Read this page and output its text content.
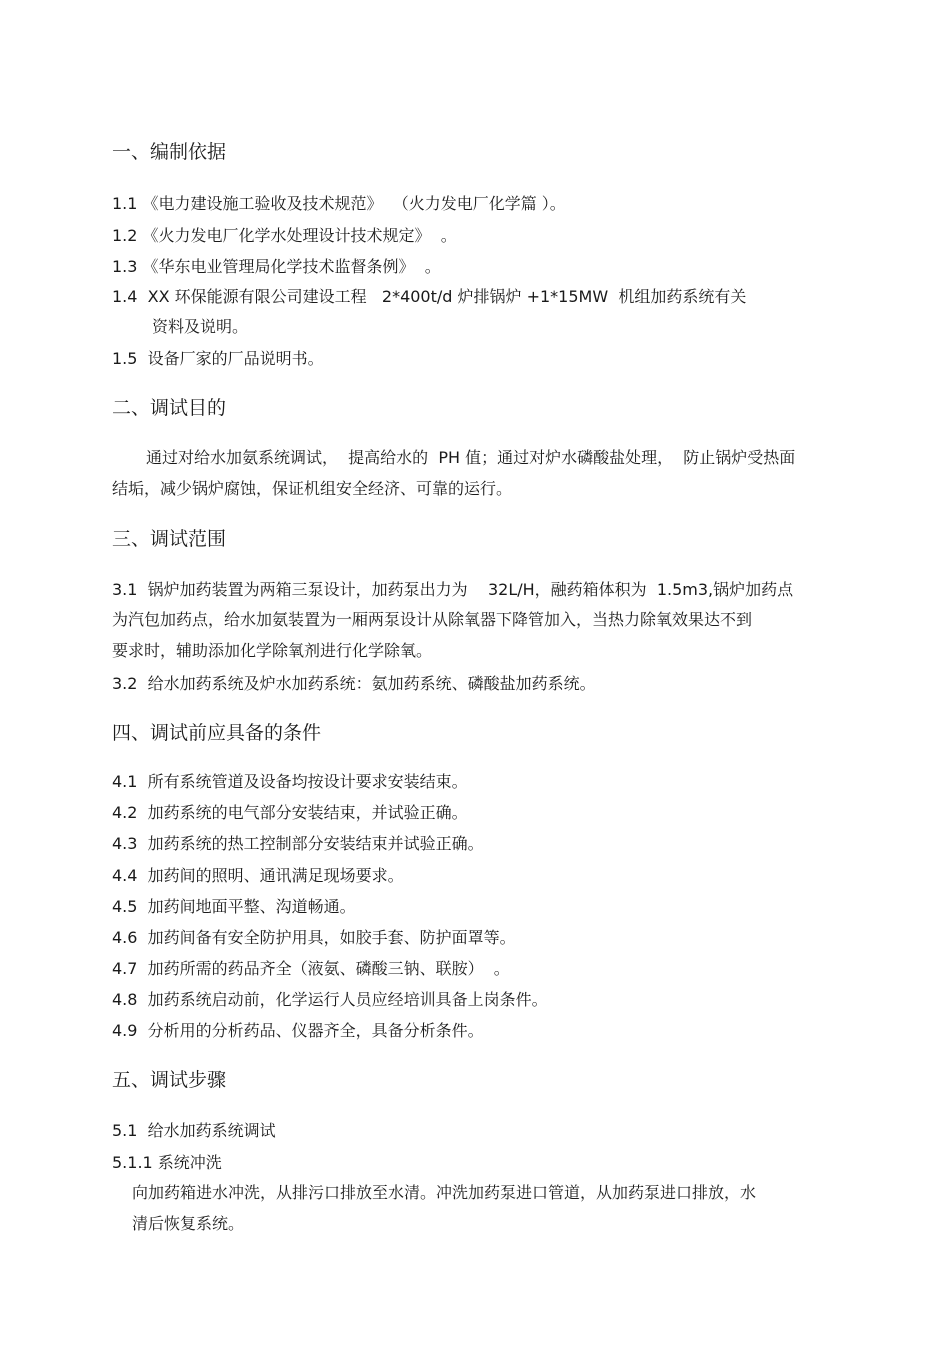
一、编制依据
1.1 《电力建设施工验收及技术规范》  （火力发电厂化学篇 ）。
1.2 《火力发电厂化学水处理设计技术规定》  。
1.3 《华东电业管理局化学技术监督条例》  。
1.4  XX 环保能源有限公司建设工程   2*400t/d 炉排锅炉 +1*15MW  机组加药系统有关
资料及说明。
1.5  设备厂家的厂品说明书。
二、调试目的
通过对给水加氨系统调试，  提高给水的  PH 值；通过对炉水磷酸盐处理，  防止锅炉受热面
结垢，减少锅炉腐蚀，保证机组安全经济、可靠的运行。
三、调试范围
3.1  锅炉加药装置为两箱三泵设计，加药泵出力为    32L/H，融药箱体积为  1.5m3,锅炉加药点
为汽包加药点，给水加氨装置为一厢两泵设计从除氧器下降管加入，当热力除氧效果达不到
要求时，辅助添加化学除氧剂进行化学除氧。
3.2  给水加药系统及炉水加药系统：氨加药系统、磷酸盐加药系统。
四、调试前应具备的条件
4.1  所有系统管道及设备均按设计要求安装结束。
4.2  加药系统的电气部分安装结束，并试验正确。
4.3  加药系统的热工控制部分安装结束并试验正确。
4.4  加药间的照明、通讯满足现场要求。
4.5  加药间地面平整、沟道畅通。
4.6  加药间备有安全防护用具，如胶手套、防护面罩等。
4.7  加药所需的药品齐全（液氨、磷酸三钠、联胺）  。
4.8  加药系统启动前，化学运行人员应经培训具备上岗条件。
4.9  分析用的分析药品、仪器齐全，具备分析条件。
五、调试步骤
5.1  给水加药系统调试
5.1.1 系统冲洗
向加药箱进水冲洗，从排污口排放至水清。冲洗加药泵进口管道，从加药泵进口排放，水
清后恢复系统。
